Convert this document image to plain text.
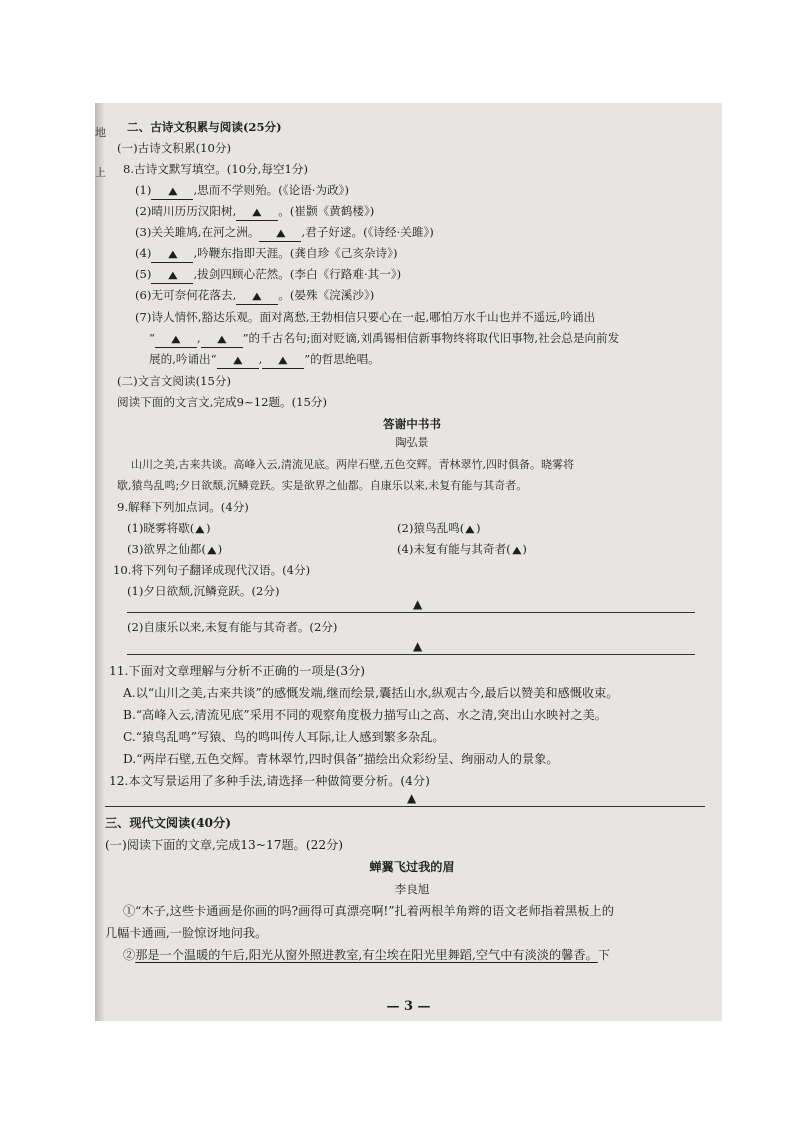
地
上
二、古诗文积累与阅读(25分)
(一)古诗文积累(10分)
8.古诗文默写填空。(10分,每空1分)
(1) ▲ ,思而不学则殆。(《论语·为政》)
(2)晴川历历汉阳树, ▲ 。(崔颢《黄鹤楼》)
(3)关关雎鸠,在河之洲。 ▲ ,君子好逑。(《诗经·关雎》)
(4) ▲ ,吟鞭东指即天涯。(龚自珍《己亥杂诗》)
(5) ▲ ,拔剑四顾心茫然。(李白《行路难·其一》)
(6)无可奈何花落去, ▲ 。(晏殊《浣溪沙》)
(7)诗人情怀,豁达乐观。面对离愁,王勃相信只要心在一起,哪怕万水千山也并不遥远,吟诵出
“ ▲ , ▲ ”的千古名句;面对贬谪,刘禹锡相信新事物终将取代旧事物,社会总是向前发
展的,吟诵出“ ▲ , ▲ ”的哲思绝唱。
(二)文言文阅读(15分)
阅读下面的文言文,完成9~12题。(15分)
答谢中书书
陶弘景
山川之美,古来共谈。高峰入云,清流见底。两岸石壁,五色交辉。青林翠竹,四时俱备。晓雾将
歇,猿鸟乱鸣;夕日欲颓,沉鳞竞跃。实是欲界之仙都。自康乐以来,未复有能与其奇者。
9.解释下列加点词。(4分)
(1)晓雾将歇(▲)	(2)猿鸟乱鸣(▲)
(3)欲界之仙都(▲)	(4)未复有能与其奇者(▲)
10.将下列句子翻译成现代汉语。(4分)
(1)夕日欲颓,沉鳞竞跃。(2分)
▲
(2)自康乐以来,未复有能与其奇者。(2分)
▲
11.下面对文章理解与分析不正确的一项是(3分)
A.以“山川之美,古来共谈”的感慨发端,继而绘景,囊括山水,纵观古今,最后以赞美和感慨收束。
B.“高峰入云,清流见底”采用不同的观察角度极力描写山之高、水之清,突出山水映衬之美。
C.“猿鸟乱鸣”写猿、鸟的鸣叫传人耳际,让人感到繁多杂乱。
D.“两岸石壁,五色交辉。青林翠竹,四时俱备”描绘出众彩纷呈、绚丽动人的景象。
12.本文写景运用了多种手法,请选择一种做简要分析。(4分)
▲
三、现代文阅读(40分)
(一)阅读下面的文章,完成13~17题。(22分)
蝉翼飞过我的眉
李良旭
①“木子,这些卡通画是你画的吗?画得可真漂亮啊!”扎着两根羊角辫的语文老师指着黑板上的
几幅卡通画,一脸惊讶地问我。
②那是一个温暖的午后,阳光从窗外照进教室,有尘埃在阳光里舞蹈,空气中有淡淡的馨香。下
— 3 —
